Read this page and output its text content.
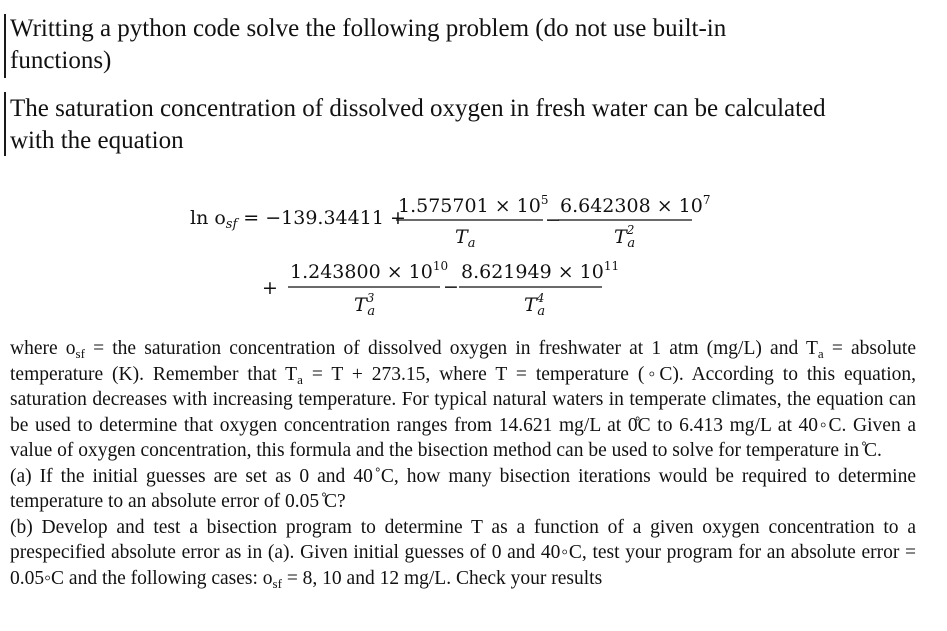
Writting a python code solve the following problem (do not use built-in
functions)
The saturation concentration of dissolved oxygen in fresh water can be calculated
with the equation
$\ln o_{sf} = -139.34411$ +
$1.575701 \times 10^5$
$T_a$
−
$6.642308 \times 10^7$
$T^2$ a
+
$1.243800 \times 10^{10}$
$T^3$ a
−
$8.621949 \times 10^{11}$
$T^4$ a

where $o_{sf}$ = the saturation concentration of dissolved oxygen in freshwater at 1 atm (mg/L) and $T_a$ = absolute temperature (K). Remember that $T_a = T + 273.15$, where T = temperature (◦C). According to this equation, saturation decreases with increasing temperature. For typical natural waters in temperate climates, the equation can be used to determine that oxygen concentration ranges from 14.621 mg/L at 0̊C to 6.413 mg/L at 40◦C. Given a value of oxygen concentration, this formula and the bisection method can be used to solve for temperature in ̊C.

(a) If the initial guesses are set as 0 and 40 ̊C, how many bisection iterations would be required to determine temperature to an absolute error of 0.05 ̊C?

(b) Develop and test a bisection program to determine T as a function of a given oxygen concentration to a prespecified absolute error as in (a). Given initial guesses of 0 and 40◦C, test your program for an absolute error = 0.05◦C and the following cases: $o_{sf} = 8$, 10 and 12 mg/L. Check your results
